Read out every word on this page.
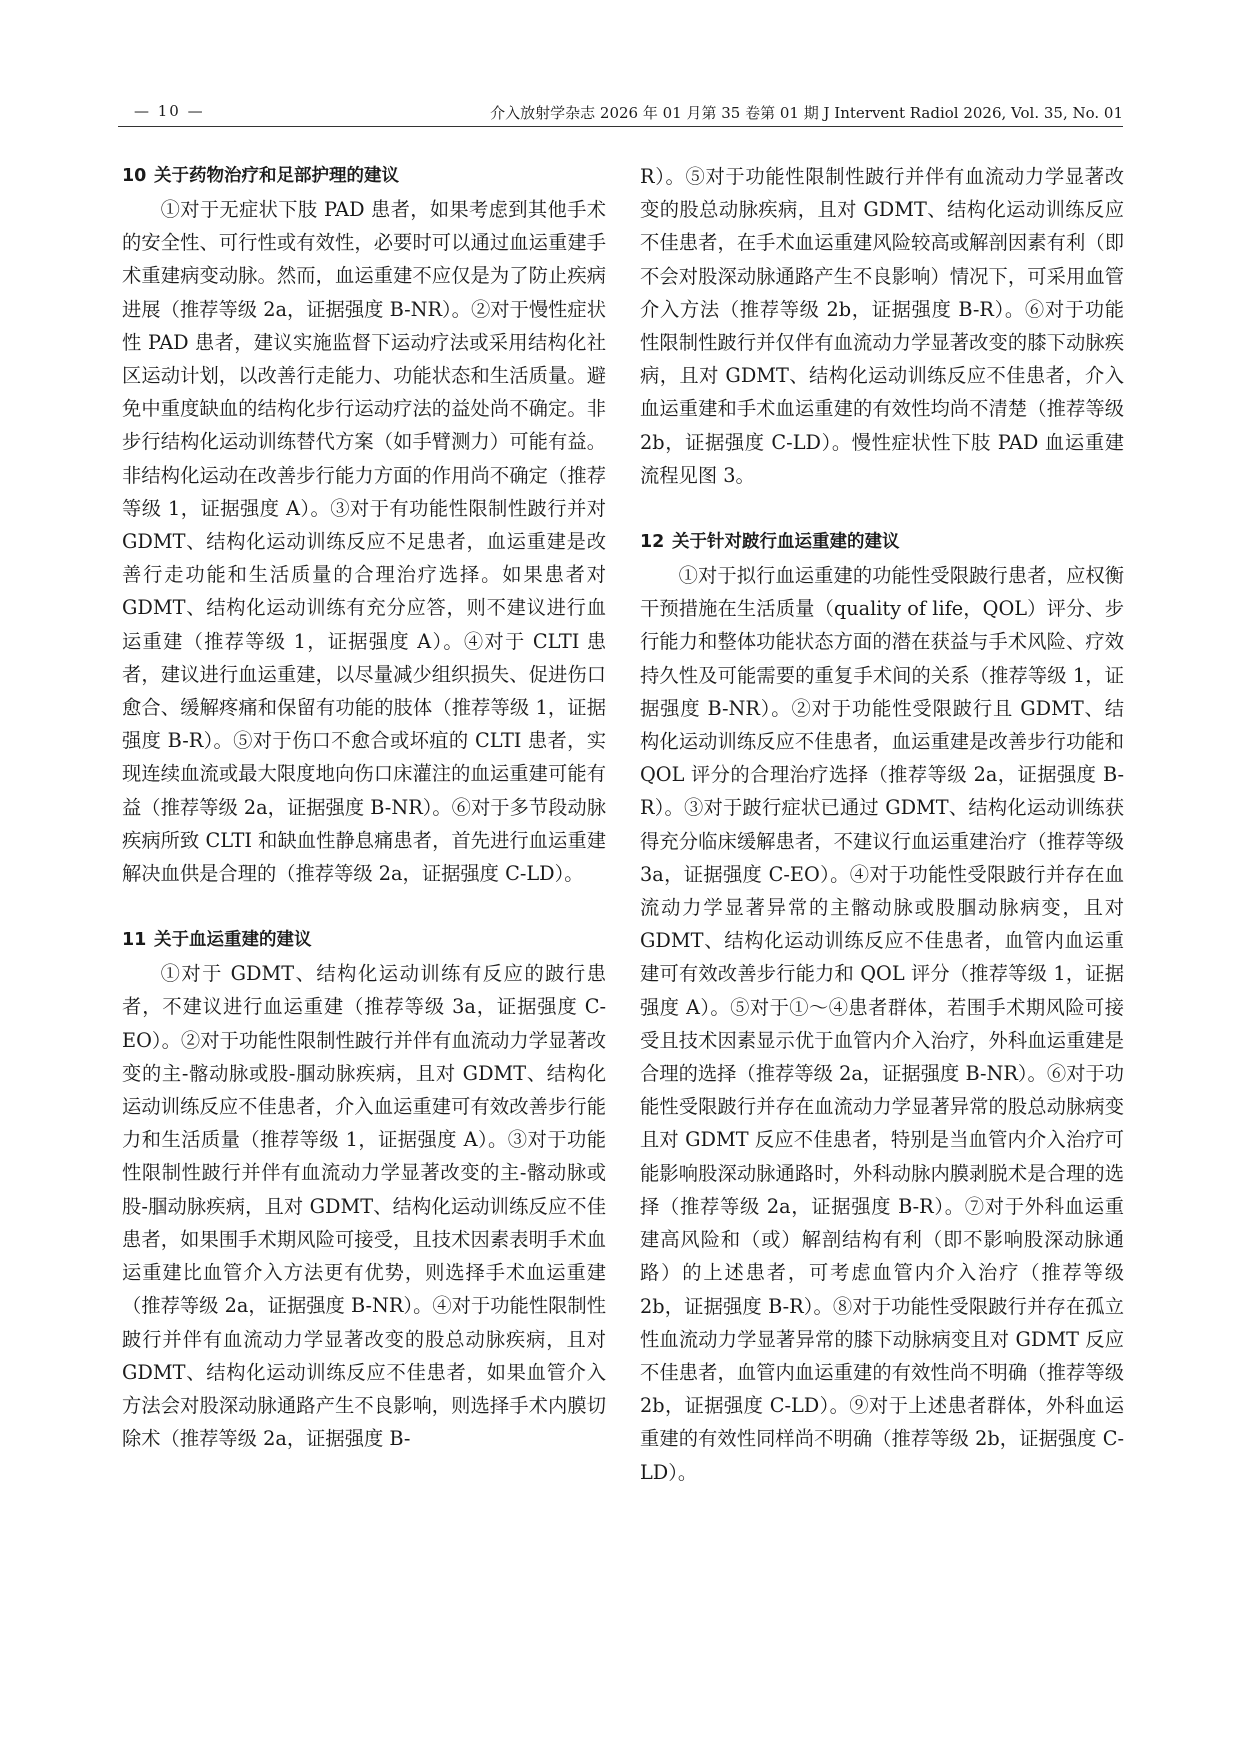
— 10 —	介入放射学杂志 2026 年 01 月第 35 卷第 01 期 J Intervent Radiol 2026, Vol. 35, No. 01
10 关于药物治疗和足部护理的建议

①对于无症状下肢 PAD 患者，如果考虑到其他手术的安全性、可行性或有效性，必要时可以通过血运重建手术重建病变动脉。然而，血运重建不应仅是为了防止疾病进展（推荐等级 2a，证据强度 B-NR）。②对于慢性症状性 PAD 患者，建议实施监督下运动疗法或采用结构化社区运动计划，以改善行走能力、功能状态和生活质量。避免中重度缺血的结构化步行运动疗法的益处尚不确定。非步行结构化运动训练替代方案（如手臂测力）可能有益。非结构化运动在改善步行能力方面的作用尚不确定（推荐等级 1，证据强度 A）。③对于有功能性限制性跛行并对 GDMT、结构化运动训练反应不足患者，血运重建是改善行走功能和生活质量的合理治疗选择。如果患者对 GDMT、结构化运动训练有充分应答，则不建议进行血运重建（推荐等级 1，证据强度 A）。④对于 CLTI 患者，建议进行血运重建，以尽量减少组织损失、促进伤口愈合、缓解疼痛和保留有功能的肢体（推荐等级 1，证据强度 B-R）。⑤对于伤口不愈合或坏疽的 CLTI 患者，实现连续血流或最大限度地向伤口床灌注的血运重建可能有益（推荐等级 2a，证据强度 B-NR）。⑥对于多节段动脉疾病所致 CLTI 和缺血性静息痛患者，首先进行血运重建解决血供是合理的（推荐等级 2a，证据强度 C-LD）。

11 关于血运重建的建议

①对于 GDMT、结构化运动训练有反应的跛行患者，不建议进行血运重建（推荐等级 3a，证据强度 C-EO）。②对于功能性限制性跛行并伴有血流动力学显著改变的主-髂动脉或股-腘动脉疾病，且对 GDMT、结构化运动训练反应不佳患者，介入血运重建可有效改善步行能力和生活质量（推荐等级 1，证据强度 A）。③对于功能性限制性跛行并伴有血流动力学显著改变的主-髂动脉或股-腘动脉疾病，且对 GDMT、结构化运动训练反应不佳患者，如果围手术期风险可接受，且技术因素表明手术血运重建比血管介入方法更有优势，则选择手术血运重建（推荐等级 2a，证据强度 B-NR）。④对于功能性限制性跛行并伴有血流动力学显著改变的股总动脉疾病，且对 GDMT、结构化运动训练反应不佳患者，如果血管介入方法会对股深动脉通路产生不良影响，则选择手术内膜切除术（推荐等级 2a，证据强度 B-

R）。⑤对于功能性限制性跛行并伴有血流动力学显著改变的股总动脉疾病，且对 GDMT、结构化运动训练反应不佳患者，在手术血运重建风险较高或解剖因素有利（即不会对股深动脉通路产生不良影响）情况下，可采用血管介入方法（推荐等级 2b，证据强度 B-R）。⑥对于功能性限制性跛行并仅伴有血流动力学显著改变的膝下动脉疾病，且对 GDMT、结构化运动训练反应不佳患者，介入血运重建和手术血运重建的有效性均尚不清楚（推荐等级 2b，证据强度 C-LD）。慢性症状性下肢 PAD 血运重建流程见图 3。

12 关于针对跛行血运重建的建议

①对于拟行血运重建的功能性受限跛行患者，应权衡干预措施在生活质量（quality of life，QOL）评分、步行能力和整体功能状态方面的潜在获益与手术风险、疗效持久性及可能需要的重复手术间的关系（推荐等级 1，证据强度 B-NR）。②对于功能性受限跛行且 GDMT、结构化运动训练反应不佳患者，血运重建是改善步行功能和 QOL 评分的合理治疗选择（推荐等级 2a，证据强度 B-R）。③对于跛行症状已通过 GDMT、结构化运动训练获得充分临床缓解患者，不建议行血运重建治疗（推荐等级 3a，证据强度 C-EO）。④对于功能性受限跛行并存在血流动力学显著异常的主髂动脉或股腘动脉病变，且对 GDMT、结构化运动训练反应不佳患者，血管内血运重建可有效改善步行能力和 QOL 评分（推荐等级 1，证据强度 A）。⑤对于①～④患者群体，若围手术期风险可接受且技术因素显示优于血管内介入治疗，外科血运重建是合理的选择（推荐等级 2a，证据强度 B-NR）。⑥对于功能性受限跛行并存在血流动力学显著异常的股总动脉病变且对 GDMT 反应不佳患者，特别是当血管内介入治疗可能影响股深动脉通路时，外科动脉内膜剥脱术是合理的选择（推荐等级 2a，证据强度 B-R）。⑦对于外科血运重建高风险和（或）解剖结构有利（即不影响股深动脉通路）的上述患者，可考虑血管内介入治疗（推荐等级 2b，证据强度 B-R）。⑧对于功能性受限跛行并存在孤立性血流动力学显著异常的膝下动脉病变且对 GDMT 反应不佳患者，血管内血运重建的有效性尚不明确（推荐等级 2b，证据强度 C-LD）。⑨对于上述患者群体，外科血运重建的有效性同样尚不明确（推荐等级 2b，证据强度 C-LD）。
